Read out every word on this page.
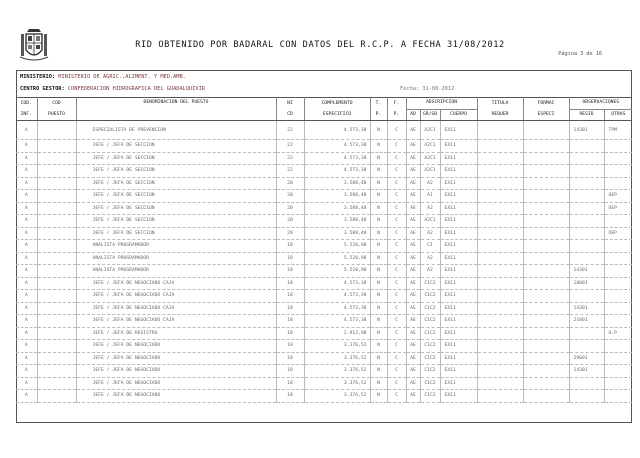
RID OBTENIDO POR BADARAL CON DATOS DEL R.C.P. A FECHA 31/08/2012
Página 3 de 16
MINISTERIO: MINISTERIO DE AGRIC.,ALIMENT. Y MED.AMB.
CENTRO GESTOR: CONFEDERACION HIDROGRAFICA DEL GUADALQUIVIR	Fecha: 31-08-2012
COD.	COD	DENOMINACION DEL PUESTO	NI	COMPLEMENTO	T.	F.	ADSCRIPCION			TITULA	FORMAC	OBSERVACIONES	
INF.	PUESTO		CD	ESPECIFICO	P.	P.	AD	GR/SB	CUERPO	REQUER	ESPECI	RESID	OTRAS
A		ESPECIALISTA DE PREVENCION	22	4.573,38	N	C	AE	A2C1	EX11			14301	TPM
A		JEFE / JEFA DE SECCION	22	4.573,38	N	C	AE	A2C1	EX11				
A		JEFE / JEFA DE SECCION	22	4.573,38	N	C	AE	A2C1	EX11				
A		JEFE / JEFA DE SECCION	22	4.573,38	N	C	AE	A2C1	EX11				
A		JEFE / JEFA DE SECCION	20	3.588,48	N	C	AE	A2	EX11				
A		JEFE / JEFA DE SECCION	20	3.588,48	N	C	AE	A1	EX11				OEP
A		JEFE / JEFA DE SECCION	20	3.588,48	N	C	AE	A2	EX11				OEP
A		JEFE / JEFA DE SECCION	20	3.588,48	N	C	AE	A2C1	EX11				
A		JEFE / JEFA DE SECCION	20	3.588,48	N	C	AE	A2	EX11				OEP
A		ANALISTA PROGRAMADOR	18	5.520,90	N	C	AE	C1	EX11				
A		ANALISTA PROGRAMADOR	18	5.520,90	N	C	AE	A2	EX11				
A		ANALISTA PROGRAMADOR	18	5.520,90	N	C	AE	A2	EX11			14301	
A		JEFE / JEFA DE NEGOCIADO CAJA	18	4.573,38	N	C	AE	C1C2	EX11			18001	
A		JEFE / JEFA DE NEGOCIADO CAJA	18	4.573,38	N	C	AE	C1C2	EX11				
A		JEFE / JEFA DE NEGOCIADO CAJA	18	4.573,38	N	C	AE	C1C2	EX11			14301	
A		JEFE / JEFA DE NEGOCIADO CAJA	18	4.573,38	N	C	AE	C1C2	EX11			21001	
A		JEFE / JEFA DE REGISTRO	18	2.912,98	N	C	AE	C1C2	EX11				A.P
A		JEFE / JEFA DE NEGOCIADO	18	3.376,52	N	C	AE	C1C2	EX11				
A		JEFE / JEFA DE NEGOCIADO	18	3.376,52	N	C	AE	C1C2	EX11			29001	
A		JEFE / JEFA DE NEGOCIADO	18	3.376,52	N	C	AE	C1C2	EX11			14301	
A		JEFE / JEFA DE NEGOCIADO	18	3.376,52	N	C	AE	C1C2	EX11				
A		JEFE / JEFA DE NEGOCIADO	18	3.376,52	N	C	AE	C1C2	EX11				
